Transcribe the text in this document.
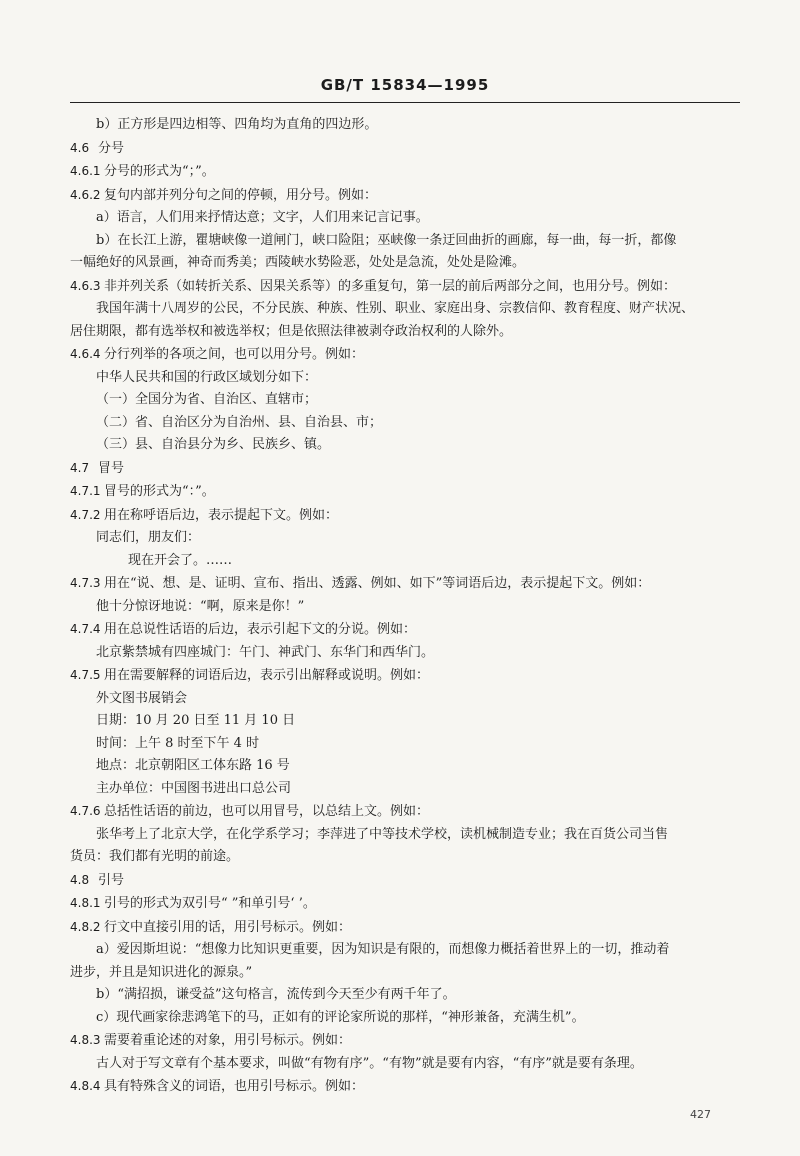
GB/T 15834—1995
b）正方形是四边相等、四角均为直角的四边形。
4.6 分号
4.6.1 分号的形式为“；”。
4.6.2 复句内部并列分句之间的停顿，用分号。例如：
a）语言，人们用来抒情达意；文字，人们用来记言记事。
b）在长江上游，瞿塘峡像一道闸门，峡口险阻；巫峡像一条迂回曲折的画廊，每一曲，每一折，都像
一幅绝好的风景画，神奇而秀美；西陵峡水势险恶，处处是急流，处处是险滩。
4.6.3 非并列关系（如转折关系、因果关系等）的多重复句，第一层的前后两部分之间，也用分号。例如：
我国年满十八周岁的公民，不分民族、种族、性别、职业、家庭出身、宗教信仰、教育程度、财产状况、
居住期限，都有选举权和被选举权；但是依照法律被剥夺政治权利的人除外。
4.6.4 分行列举的各项之间，也可以用分号。例如：
中华人民共和国的行政区域划分如下：
（一）全国分为省、自治区、直辖市；
（二）省、自治区分为自治州、县、自治县、市；
（三）县、自治县分为乡、民族乡、镇。
4.7 冒号
4.7.1 冒号的形式为“：”。
4.7.2 用在称呼语后边，表示提起下文。例如：
同志们，朋友们：
现在开会了。……
4.7.3 用在“说、想、是、证明、宣布、指出、透露、例如、如下”等词语后边，表示提起下文。例如：
他十分惊讶地说：“啊，原来是你！”
4.7.4 用在总说性话语的后边，表示引起下文的分说。例如：
北京紫禁城有四座城门：午门、神武门、东华门和西华门。
4.7.5 用在需要解释的词语后边，表示引出解释或说明。例如：
外文图书展销会
日期：10 月 20 日至 11 月 10 日
时间：上午 8 时至下午 4 时
地点：北京朝阳区工体东路 16 号
主办单位：中国图书进出口总公司
4.7.6 总括性话语的前边，也可以用冒号，以总结上文。例如：
张华考上了北京大学，在化学系学习；李萍进了中等技术学校，读机械制造专业；我在百货公司当售
货员：我们都有光明的前途。
4.8 引号
4.8.1 引号的形式为双引号“ ”和单引号‘ ’。
4.8.2 行文中直接引用的话，用引号标示。例如：
a）爱因斯坦说：“想像力比知识更重要，因为知识是有限的，而想像力概括着世界上的一切，推动着
进步，并且是知识进化的源泉。”
b）“满招损，谦受益”这句格言，流传到今天至少有两千年了。
c）现代画家徐悲鸿笔下的马，正如有的评论家所说的那样，“神形兼备，充满生机”。
4.8.3 需要着重论述的对象，用引号标示。例如：
古人对于写文章有个基本要求，叫做“有物有序”。“有物”就是要有内容，“有序”就是要有条理。
4.8.4 具有特殊含义的词语，也用引号标示。例如：
427
